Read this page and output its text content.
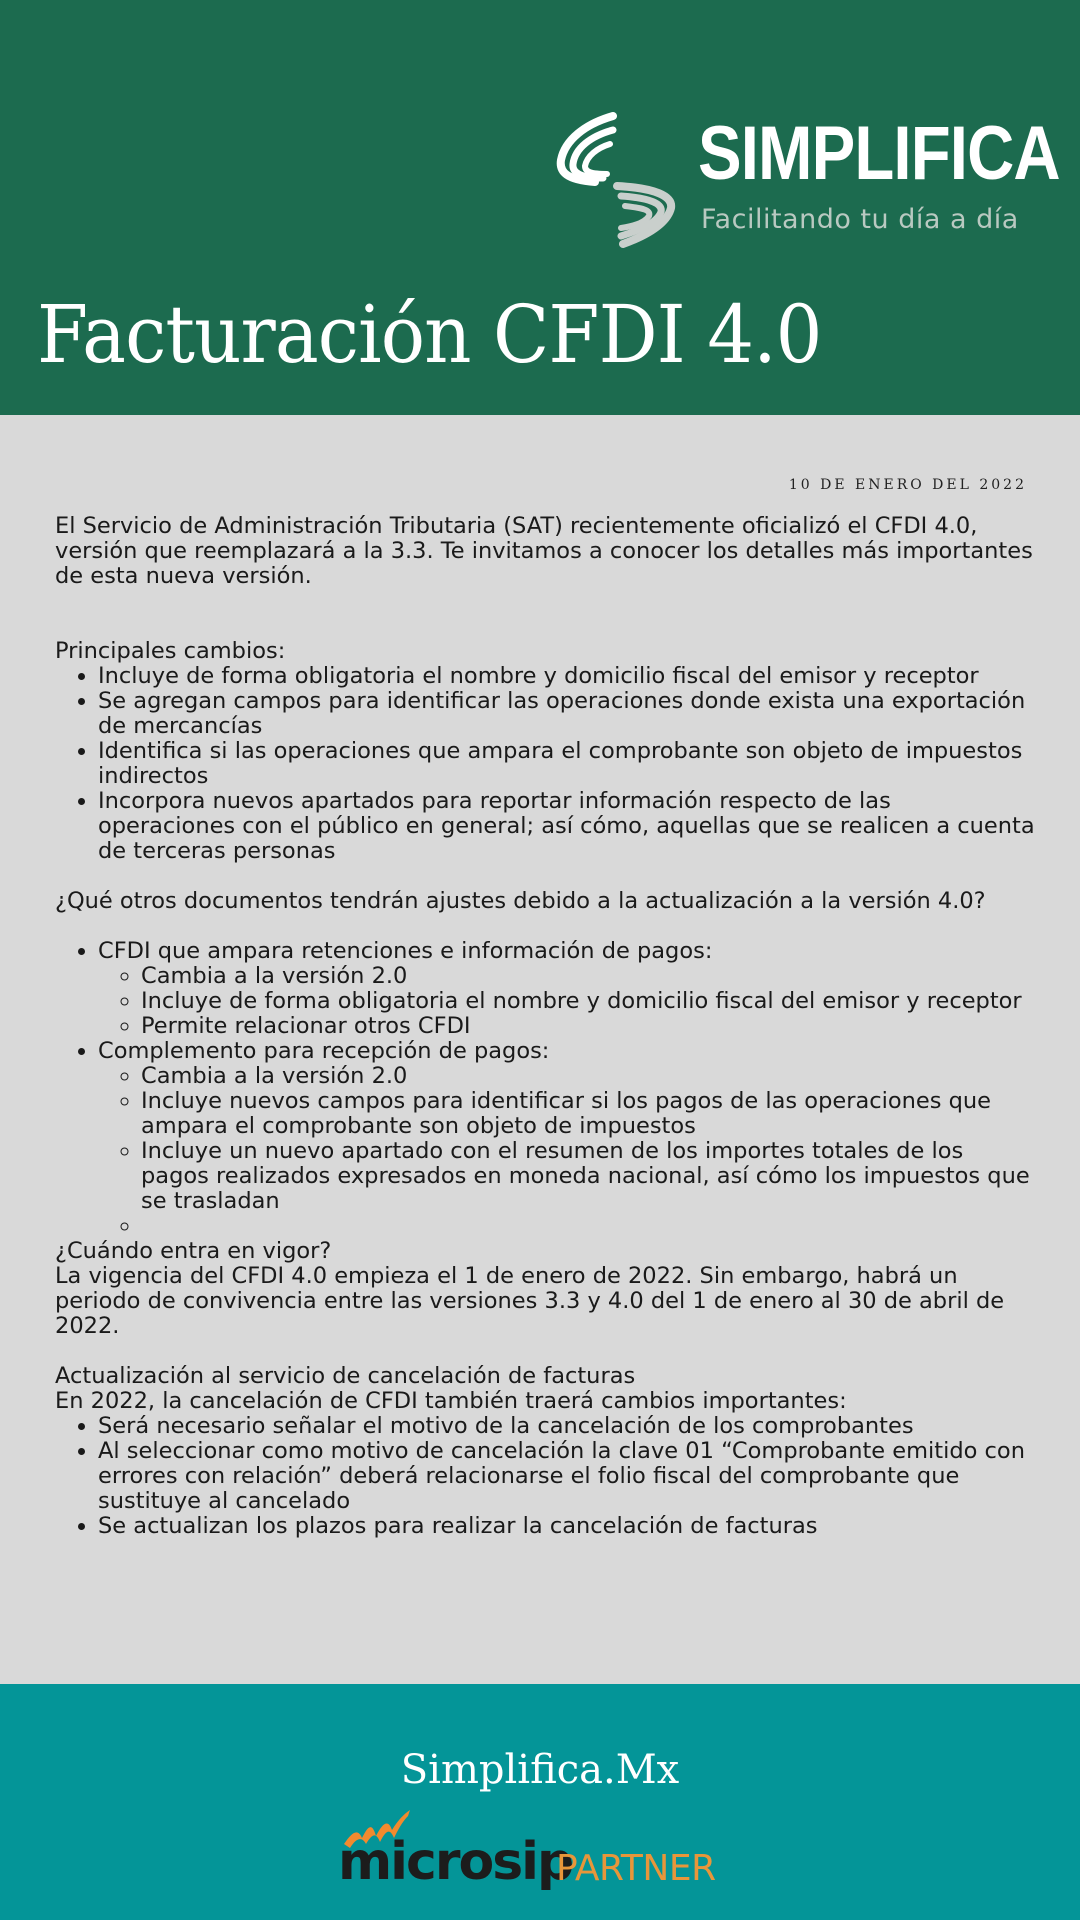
SIMPLIFICA
Facilitando tu día a día
Facturación CFDI 4.0
10 DE ENERO DEL 2022

El Servicio de Administración Tributaria (SAT) recientemente oficializó el CFDI 4.0, versión que reemplazará a la 3.3. Te invitamos a conocer los detalles más importantes de esta nueva versión.

Principales cambios:

• Incluye de forma obligatoria el nombre y domicilio fiscal del emisor y receptor
• Se agregan campos para identificar las operaciones donde exista una exportación de mercancías
• Identifica si las operaciones que ampara el comprobante son objeto de impuestos indirectos
• Incorpora nuevos apartados para reportar información respecto de las operaciones con el público en general; así cómo, aquellas que se realicen a cuenta de terceras personas

¿Qué otros documentos tendrán ajustes debido a la actualización a la versión 4.0?

• CFDI que ampara retenciones e información de pagos:
◦ Cambia a la versión 2.0
◦ Incluye de forma obligatoria el nombre y domicilio fiscal del emisor y receptor
◦ Permite relacionar otros CFDI
• Complemento para recepción de pagos:
◦ Cambia a la versión 2.0
◦ Incluye nuevos campos para identificar si los pagos de las operaciones que ampara el comprobante son objeto de impuestos
◦ Incluye un nuevo apartado con el resumen de los importes totales de los pagos realizados expresados en moneda nacional, así cómo los impuestos que se trasladan
◦

¿Cuándo entra en vigor?

La vigencia del CFDI 4.0 empieza el 1 de enero de 2022. Sin embargo, habrá un periodo de convivencia entre las versiones 3.3 y 4.0 del 1 de enero al 30 de abril de 2022.

Actualización al servicio de cancelación de facturas

En 2022, la cancelación de CFDI también traerá cambios importantes:

• Será necesario señalar el motivo de la cancelación de los comprobantes
• Al seleccionar como motivo de cancelación la clave 01 “Comprobante emitido con errores con relación” deberá relacionarse el folio fiscal del comprobante que sustituye al cancelado
• Se actualizan los plazos para realizar la cancelación de facturas
Simplifica.Mx
microsip
PARTNER
